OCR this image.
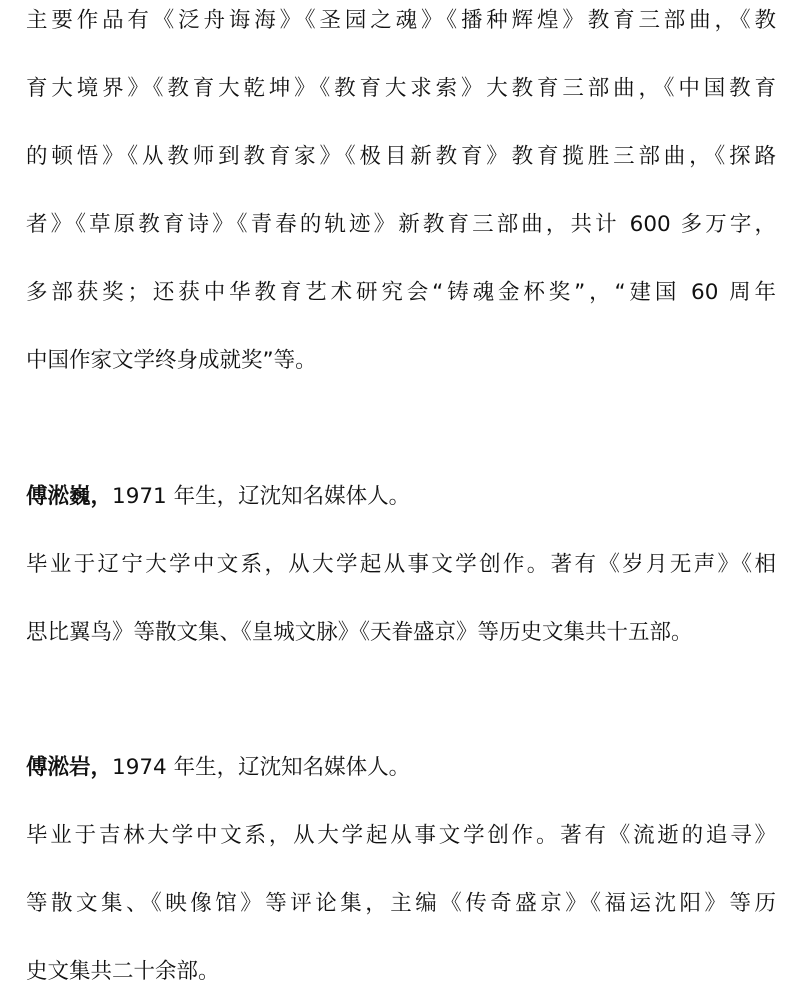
主要作品有《泛舟诲海》《圣园之魂》《播种辉煌》教育三部曲，《教
育大境界》《教育大乾坤》《教育大求索》大教育三部曲，《中国教育
的顿悟》《从教师到教育家》《极目新教育》教育揽胜三部曲，《探路
者》《草原教育诗》《青春的轨迹》新教育三部曲，共计 600 多万字，
多部获奖；还获中华教育艺术研究会“铸魂金杯奖”，“建国 60 周年
中国作家文学终身成就奖”等。
傅淞巍，1971 年生，辽沈知名媒体人。
毕业于辽宁大学中文系，从大学起从事文学创作。著有《岁月无声》《相
思比翼鸟》等散文集、《皇城文脉》《天眷盛京》等历史文集共十五部。
傅淞岩，1974 年生，辽沈知名媒体人。
毕业于吉林大学中文系，从大学起从事文学创作。著有《流逝的追寻》
等散文集、《映像馆》等评论集，主编《传奇盛京》《福运沈阳》等历
史文集共二十余部。
